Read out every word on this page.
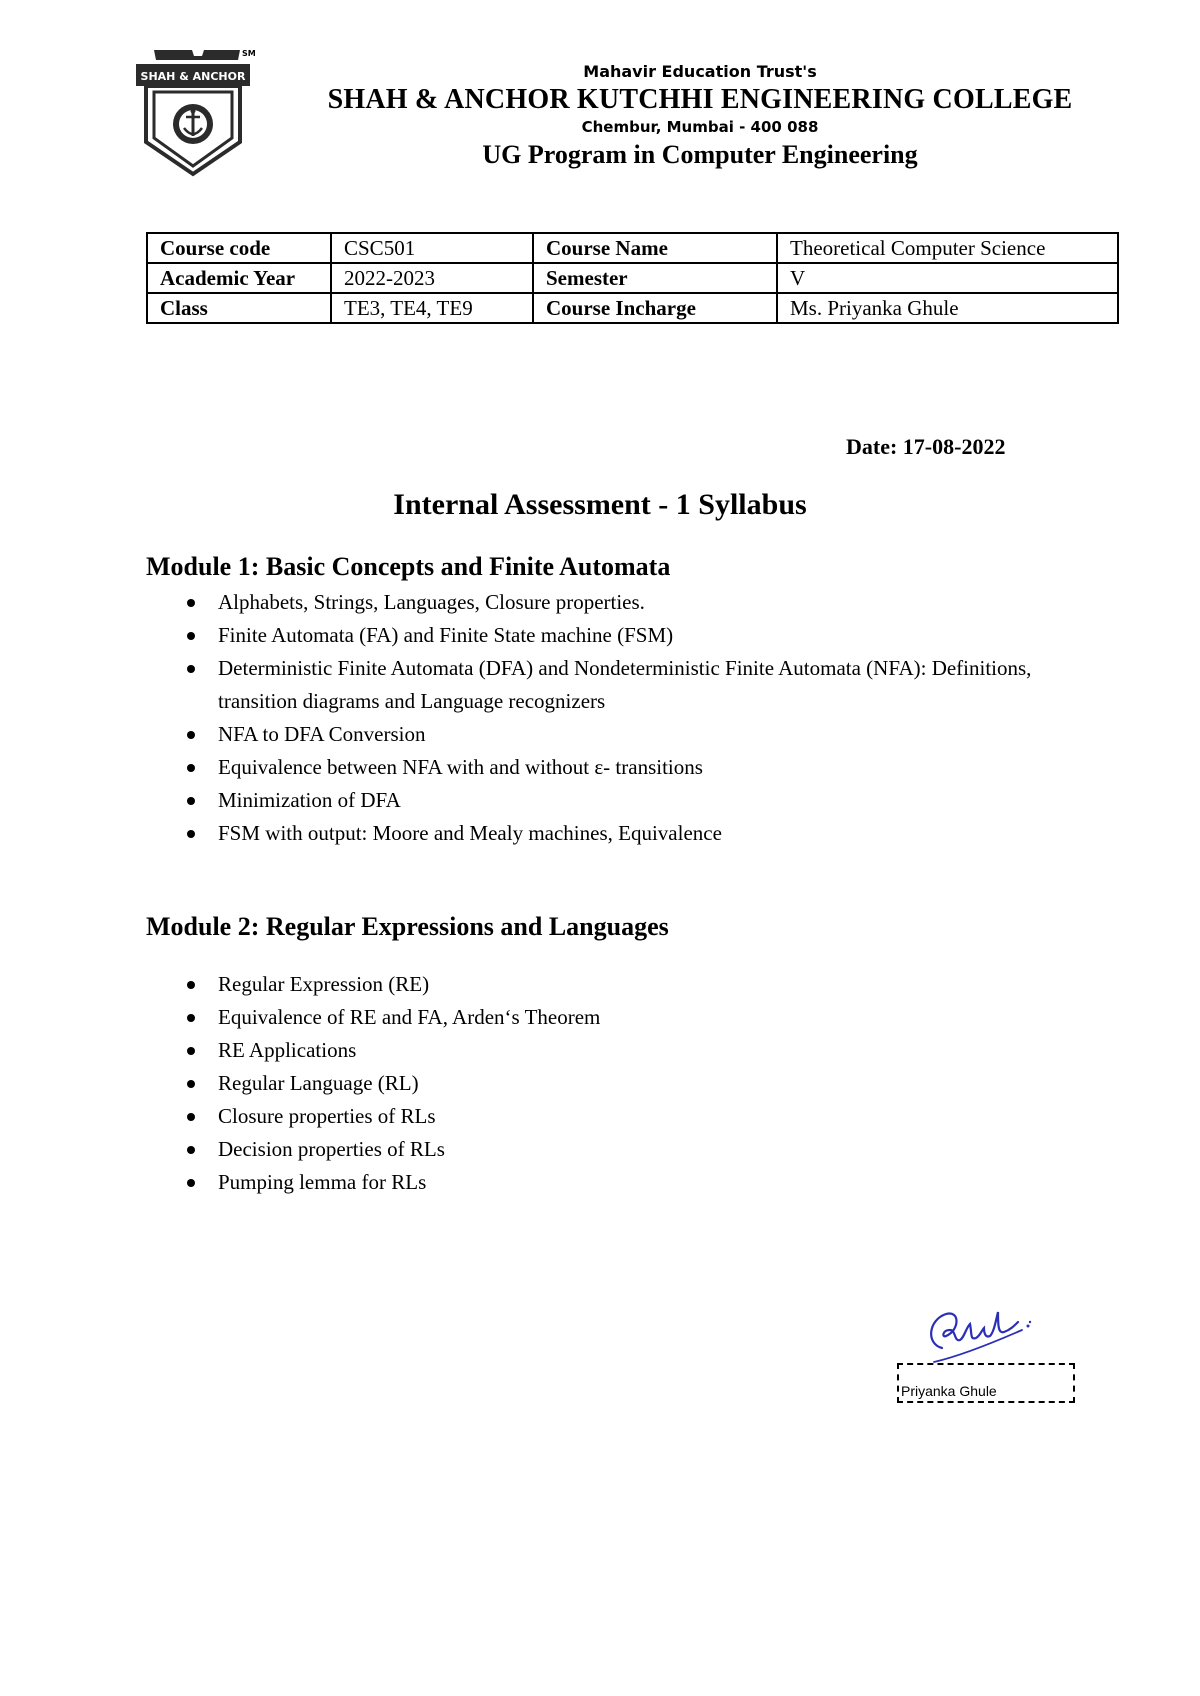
SM
SHAH & ANCHOR	Mahavir Education Trust's
SHAH & ANCHOR KUTCHHI ENGINEERING COLLEGE
Chembur, Mumbai - 400 088
UG Program in Computer Engineering
Course code	CSC501	Course Name	Theoretical Computer Science
Academic Year	2022-2023	Semester	V
Class	TE3, TE4, TE9	Course Incharge	Ms. Priyanka Ghule
Date: 17-08-2022
Internal Assessment - 1 Syllabus
Module 1: Basic Concepts and Finite Automata
Alphabets, Strings, Languages, Closure properties.
Finite Automata (FA) and Finite State machine (FSM)
Deterministic Finite Automata (DFA) and Nondeterministic Finite Automata (NFA): Definitions, transition diagrams and Language recognizers
NFA to DFA Conversion
Equivalence between NFA with and without ε- transitions
Minimization of DFA
FSM with output: Moore and Mealy machines, Equivalence
Module 2: Regular Expressions and Languages
Regular Expression (RE)
Equivalence of RE and FA, Arden‘s Theorem
RE Applications
Regular Language (RL)
Closure properties of RLs
Decision properties of RLs
Pumping lemma for RLs
Priyanka Ghule
